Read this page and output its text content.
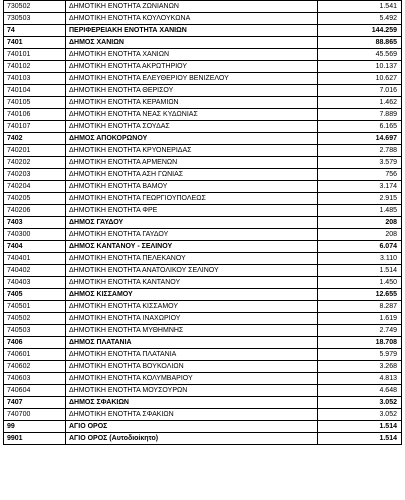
730502	ΔΗΜΟΤΙΚΗ ΕΝΟΤΗΤΑ ΖΩΝΙΑΝΩΝ	1.541
730503	ΔΗΜΟΤΙΚΗ ΕΝΟΤΗΤΑ ΚΟΥΛΟΥΚΩΝΑ	5.492
74	ΠΕΡΙΦΕΡΕΙΑΚΗ ΕΝΟΤΗΤΑ ΧΑΝΙΩΝ	144.259
7401	ΔΗΜΟΣ ΧΑΝΙΩΝ	88.865
740101	ΔΗΜΟΤΙΚΗ ΕΝΟΤΗΤΑ ΧΑΝΙΩΝ	45.569
740102	ΔΗΜΟΤΙΚΗ ΕΝΟΤΗΤΑ ΑΚΡΩΤΗΡΙΟΥ	10.137
740103	ΔΗΜΟΤΙΚΗ ΕΝΟΤΗΤΑ ΕΛΕΥΘΕΡΙΟΥ ΒΕΝΙΖΕΛΟΥ	10.627
740104	ΔΗΜΟΤΙΚΗ ΕΝΟΤΗΤΑ ΘΕΡΙΣΟΥ	7.016
740105	ΔΗΜΟΤΙΚΗ ΕΝΟΤΗΤΑ ΚΕΡΑΜΙΩΝ	1.462
740106	ΔΗΜΟΤΙΚΗ ΕΝΟΤΗΤΑ ΝΕΑΣ ΚΥΔΩΝΙΑΣ	7.889
740107	ΔΗΜΟΤΙΚΗ ΕΝΟΤΗΤΑ ΣΟΥΔΑΣ	6.165
7402	ΔΗΜΟΣ ΑΠΟΚΟΡΩΝΟΥ	14.697
740201	ΔΗΜΟΤΙΚΗ ΕΝΟΤΗΤΑ ΚΡΥΟΝΕΡΙΔΑΣ	2.788
740202	ΔΗΜΟΤΙΚΗ ΕΝΟΤΗΤΑ ΑΡΜΕΝΩΝ	3.579
740203	ΔΗΜΟΤΙΚΗ ΕΝΟΤΗΤΑ ΑΣΗ ΓΩΝΙΑΣ	756
740204	ΔΗΜΟΤΙΚΗ ΕΝΟΤΗΤΑ ΒΑΜΟΥ	3.174
740205	ΔΗΜΟΤΙΚΗ ΕΝΟΤΗΤΑ ΓΕΩΡΓΙΟΥΠΟΛΕΩΣ	2.915
740206	ΔΗΜΟΤΙΚΗ ΕΝΟΤΗΤΑ ΦΡΕ	1.485
7403	ΔΗΜΟΣ ΓΑΥΔΟΥ	208
740300	ΔΗΜΟΤΙΚΗ ΕΝΟΤΗΤΑ ΓΑΥΔΟΥ	208
7404	ΔΗΜΟΣ ΚΑΝΤΑΝΟΥ - ΣΕΛΙΝΟΥ	6.074
740401	ΔΗΜΟΤΙΚΗ ΕΝΟΤΗΤΑ ΠΕΛΕΚΑΝΟΥ	3.110
740402	ΔΗΜΟΤΙΚΗ ΕΝΟΤΗΤΑ ΑΝΑΤΟΛΙΚΟΥ ΣΕΛΙΝΟΥ	1.514
740403	ΔΗΜΟΤΙΚΗ ΕΝΟΤΗΤΑ ΚΑΝΤΑΝΟΥ	1.450
7405	ΔΗΜΟΣ ΚΙΣΣΑΜΟΥ	12.655
740501	ΔΗΜΟΤΙΚΗ ΕΝΟΤΗΤΑ ΚΙΣΣΑΜΟΥ	8.287
740502	ΔΗΜΟΤΙΚΗ ΕΝΟΤΗΤΑ ΙΝΑΧΩΡΙΟΥ	1.619
740503	ΔΗΜΟΤΙΚΗ ΕΝΟΤΗΤΑ ΜΥΘΗΜΝΗΣ	2.749
7406	ΔΗΜΟΣ ΠΛΑΤΑΝΙΑ	18.708
740601	ΔΗΜΟΤΙΚΗ ΕΝΟΤΗΤΑ ΠΛΑΤΑΝΙΑ	5.979
740602	ΔΗΜΟΤΙΚΗ ΕΝΟΤΗΤΑ ΒΟΥΚΟΛΙΩΝ	3.268
740603	ΔΗΜΟΤΙΚΗ ΕΝΟΤΗΤΑ ΚΟΛΥΜΒΑΡΙΟΥ	4.813
740604	ΔΗΜΟΤΙΚΗ ΕΝΟΤΗΤΑ ΜΟΥΣΟΥΡΩΝ	4.648
7407	ΔΗΜΟΣ ΣΦΑΚΙΩΝ	3.052
740700	ΔΗΜΟΤΙΚΗ ΕΝΟΤΗΤΑ ΣΦΑΚΙΩΝ	3.052
99	ΑΓΙΟ ΟΡΟΣ	1.514
9901	ΑΓΙΟ ΟΡΟΣ (Αυτοδιοίκητο)	1.514
